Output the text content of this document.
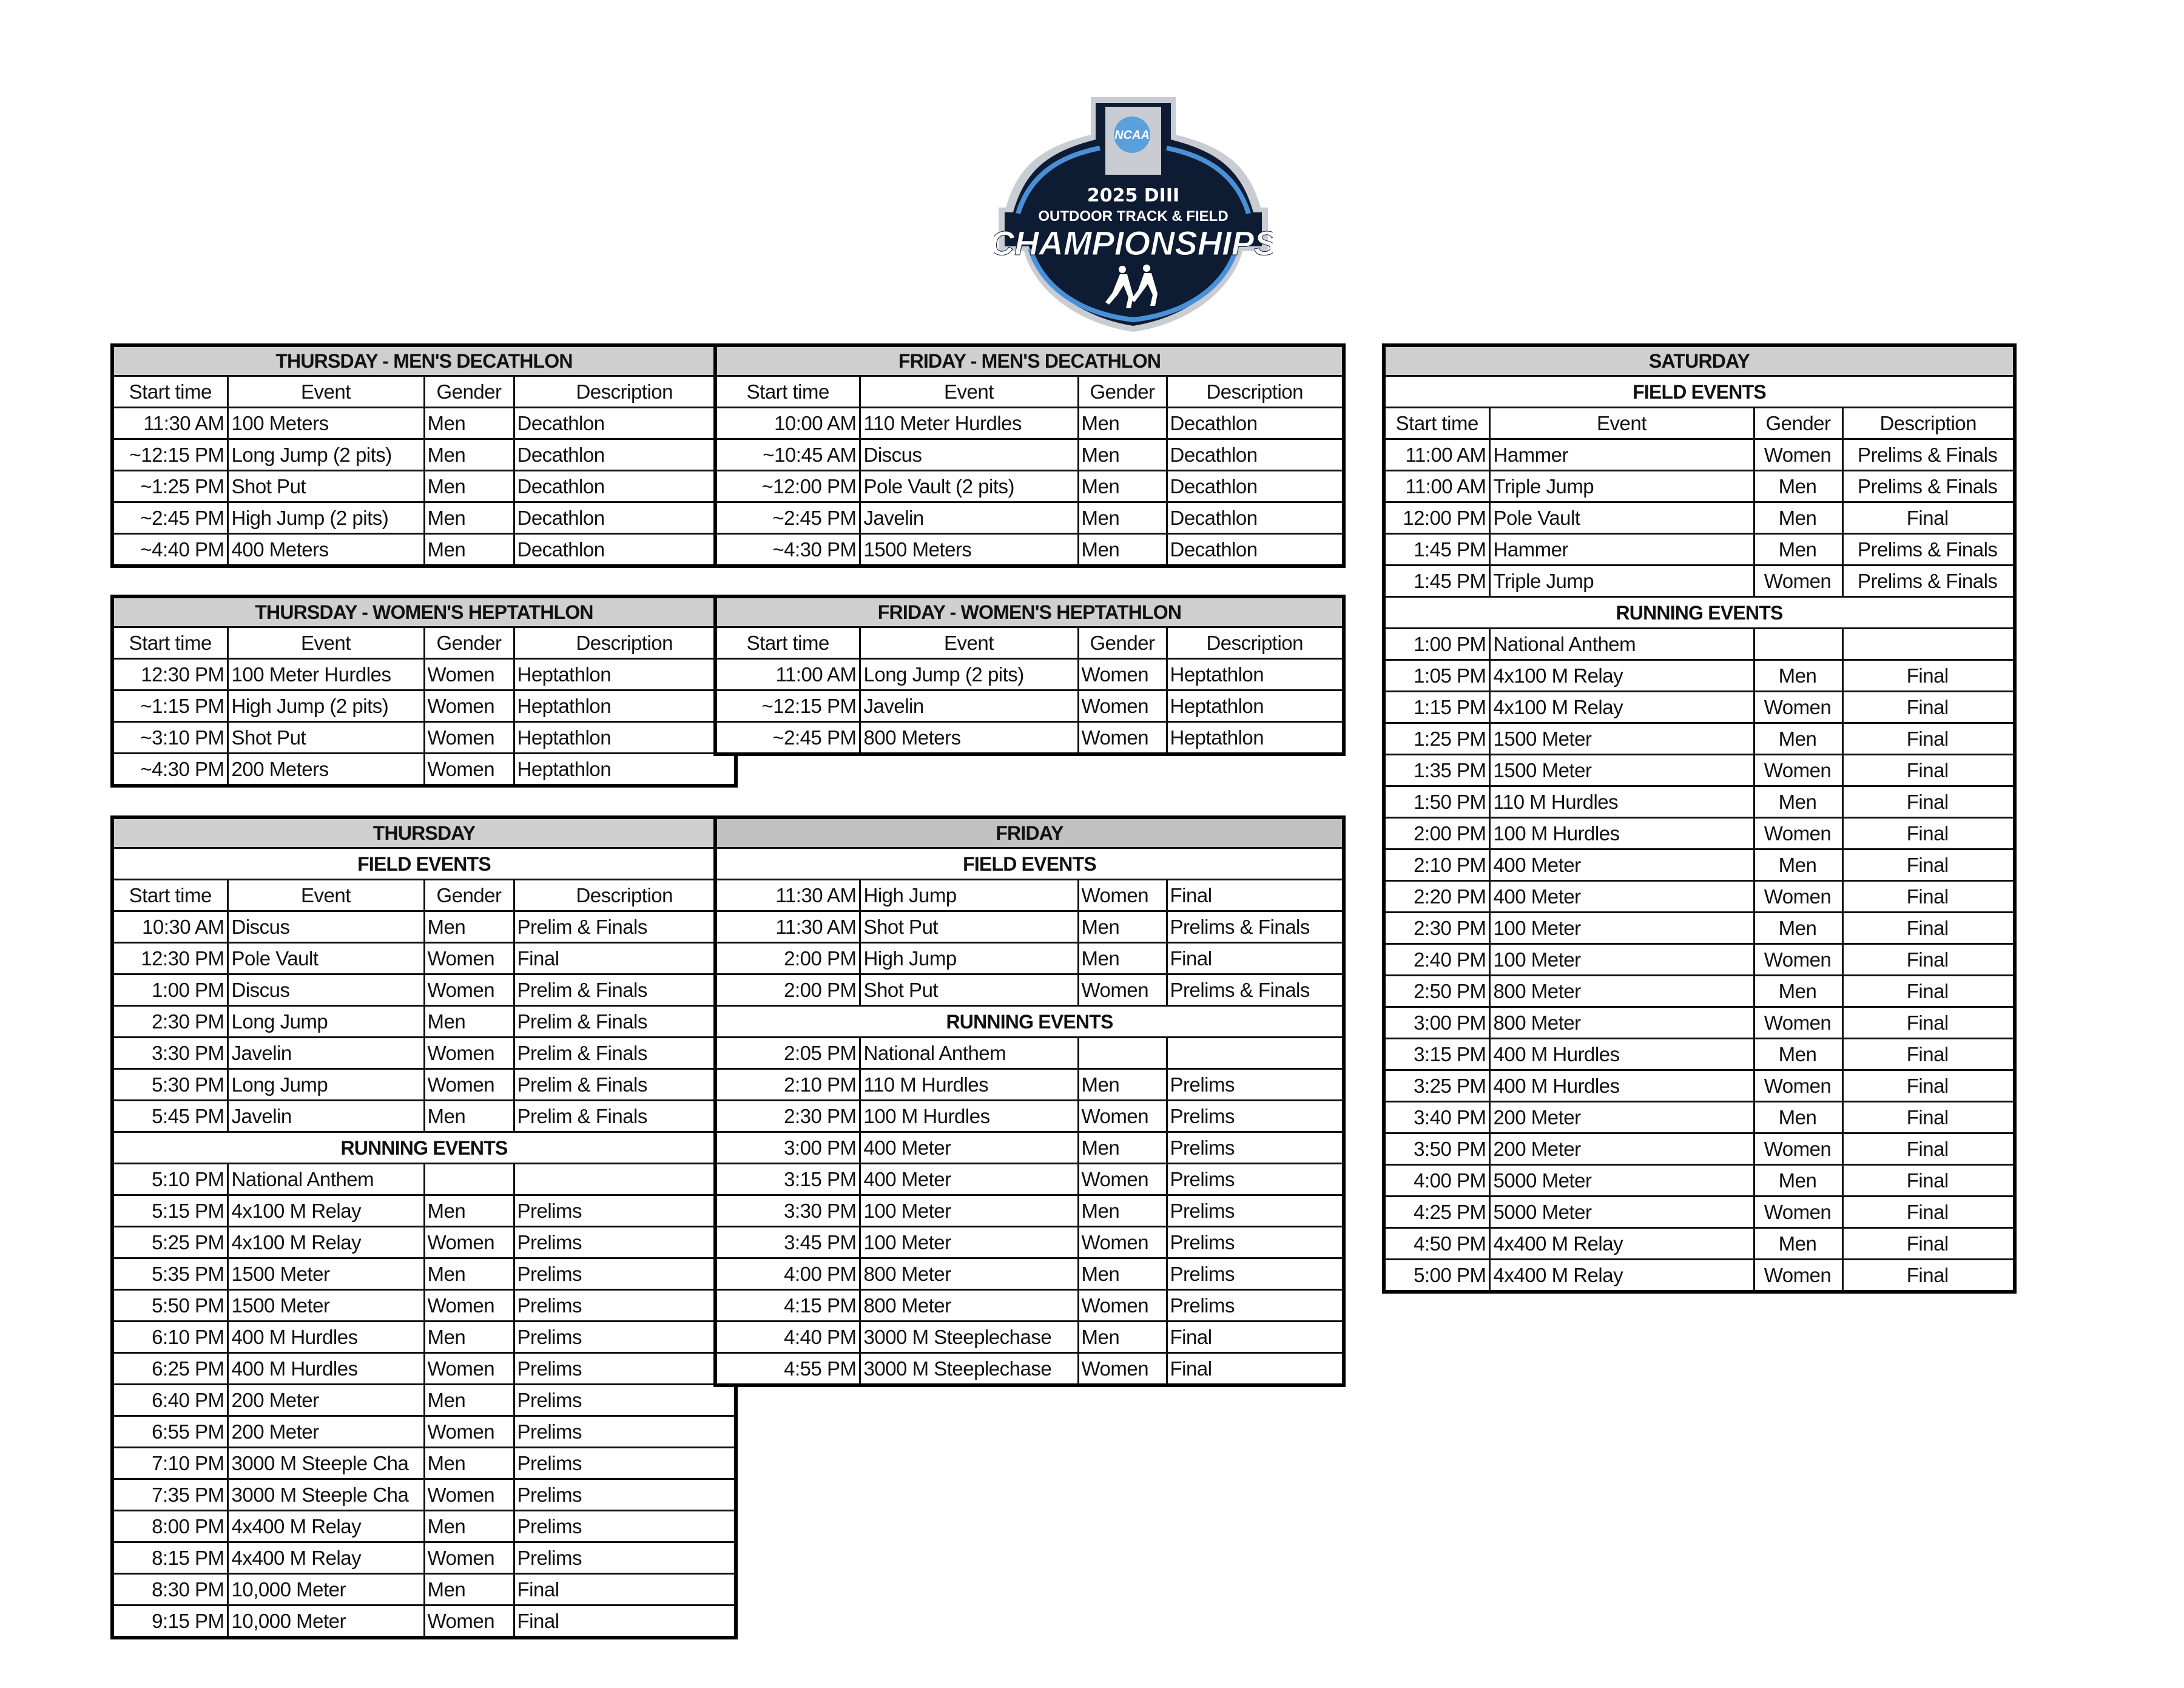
NCAA
2025 DIII
OUTDOOR TRACK & FIELD
CHAMPIONSHIPS
THURSDAY - MEN'S DECATHLON			
Start time	Event	Gender	Description
11:30 AM	100 Meters	Men	Decathlon
~12:15 PM	Long Jump (2 pits)	Men	Decathlon
~1:25 PM	Shot Put	Men	Decathlon
~2:45 PM	High Jump (2 pits)	Men	Decathlon
~4:40 PM	400 Meters	Men	Decathlon
FRIDAY - MEN'S DECATHLON			
Start time	Event	Gender	Description
10:00 AM	110 Meter Hurdles	Men	Decathlon
~10:45 AM	Discus	Men	Decathlon
~12:00 PM	Pole Vault (2 pits)	Men	Decathlon
~2:45 PM	Javelin	Men	Decathlon
~4:30 PM	1500 Meters	Men	Decathlon
THURSDAY - WOMEN'S HEPTATHLON			
Start time	Event	Gender	Description
12:30 PM	100 Meter Hurdles	Women	Heptathlon
~1:15 PM	High Jump (2 pits)	Women	Heptathlon
~3:10 PM	Shot Put	Women	Heptathlon
~4:30 PM	200 Meters	Women	Heptathlon
FRIDAY - WOMEN'S HEPTATHLON			
Start time	Event	Gender	Description
11:00 AM	Long Jump (2 pits)	Women	Heptathlon
~12:15 PM	Javelin	Women	Heptathlon
~2:45 PM	800 Meters	Women	Heptathlon
THURSDAY			
FIELD EVENTS			
Start time	Event	Gender	Description
10:30 AM	Discus	Men	Prelim & Finals
12:30 PM	Pole Vault	Women	Final
1:00 PM	Discus	Women	Prelim & Finals
2:30 PM	Long Jump	Men	Prelim & Finals
3:30 PM	Javelin	Women	Prelim & Finals
5:30 PM	Long Jump	Women	Prelim & Finals
5:45 PM	Javelin	Men	Prelim & Finals
RUNNING EVENTS			
5:10 PM	National Anthem		
5:15 PM	4x100 M Relay	Men	Prelims
5:25 PM	4x100 M Relay	Women	Prelims
5:35 PM	1500 Meter	Men	Prelims
5:50 PM	1500 Meter	Women	Prelims
6:10 PM	400 M Hurdles	Men	Prelims
6:25 PM	400 M Hurdles	Women	Prelims
6:40 PM	200 Meter	Men	Prelims
6:55 PM	200 Meter	Women	Prelims
7:10 PM	3000 M Steeple Cha	Men	Prelims
7:35 PM	3000 M Steeple Cha	Women	Prelims
8:00 PM	4x400 M Relay	Men	Prelims
8:15 PM	4x400 M Relay	Women	Prelims
8:30 PM	10,000 Meter	Men	Final
9:15 PM	10,000 Meter	Women	Final
FRIDAY			
FIELD EVENTS			
11:30 AM	High Jump	Women	Final
11:30 AM	Shot Put	Men	Prelims & Finals
2:00 PM	High Jump	Men	Final
2:00 PM	Shot Put	Women	Prelims & Finals
RUNNING EVENTS			
2:05 PM	National Anthem		
2:10 PM	110 M Hurdles	Men	Prelims
2:30 PM	100 M Hurdles	Women	Prelims
3:00 PM	400 Meter	Men	Prelims
3:15 PM	400 Meter	Women	Prelims
3:30 PM	100 Meter	Men	Prelims
3:45 PM	100 Meter	Women	Prelims
4:00 PM	800 Meter	Men	Prelims
4:15 PM	800 Meter	Women	Prelims
4:40 PM	3000 M Steeplechase	Men	Final
4:55 PM	3000 M Steeplechase	Women	Final
SATURDAY			
FIELD EVENTS			
Start time	Event	Gender	Description
11:00 AM	Hammer	Women	Prelims & Finals
11:00 AM	Triple Jump	Men	Prelims & Finals
12:00 PM	Pole Vault	Men	Final
1:45 PM	Hammer	Men	Prelims & Finals
1:45 PM	Triple Jump	Women	Prelims & Finals
RUNNING EVENTS			
1:00 PM	National Anthem		
1:05 PM	4x100 M Relay	Men	Final
1:15 PM	4x100 M Relay	Women	Final
1:25 PM	1500 Meter	Men	Final
1:35 PM	1500 Meter	Women	Final
1:50 PM	110 M Hurdles	Men	Final
2:00 PM	100 M Hurdles	Women	Final
2:10 PM	400 Meter	Men	Final
2:20 PM	400 Meter	Women	Final
2:30 PM	100 Meter	Men	Final
2:40 PM	100 Meter	Women	Final
2:50 PM	800 Meter	Men	Final
3:00 PM	800 Meter	Women	Final
3:15 PM	400 M Hurdles	Men	Final
3:25 PM	400 M Hurdles	Women	Final
3:40 PM	200 Meter	Men	Final
3:50 PM	200 Meter	Women	Final
4:00 PM	5000 Meter	Men	Final
4:25 PM	5000 Meter	Women	Final
4:50 PM	4x400 M Relay	Men	Final
5:00 PM	4x400 M Relay	Women	Final
